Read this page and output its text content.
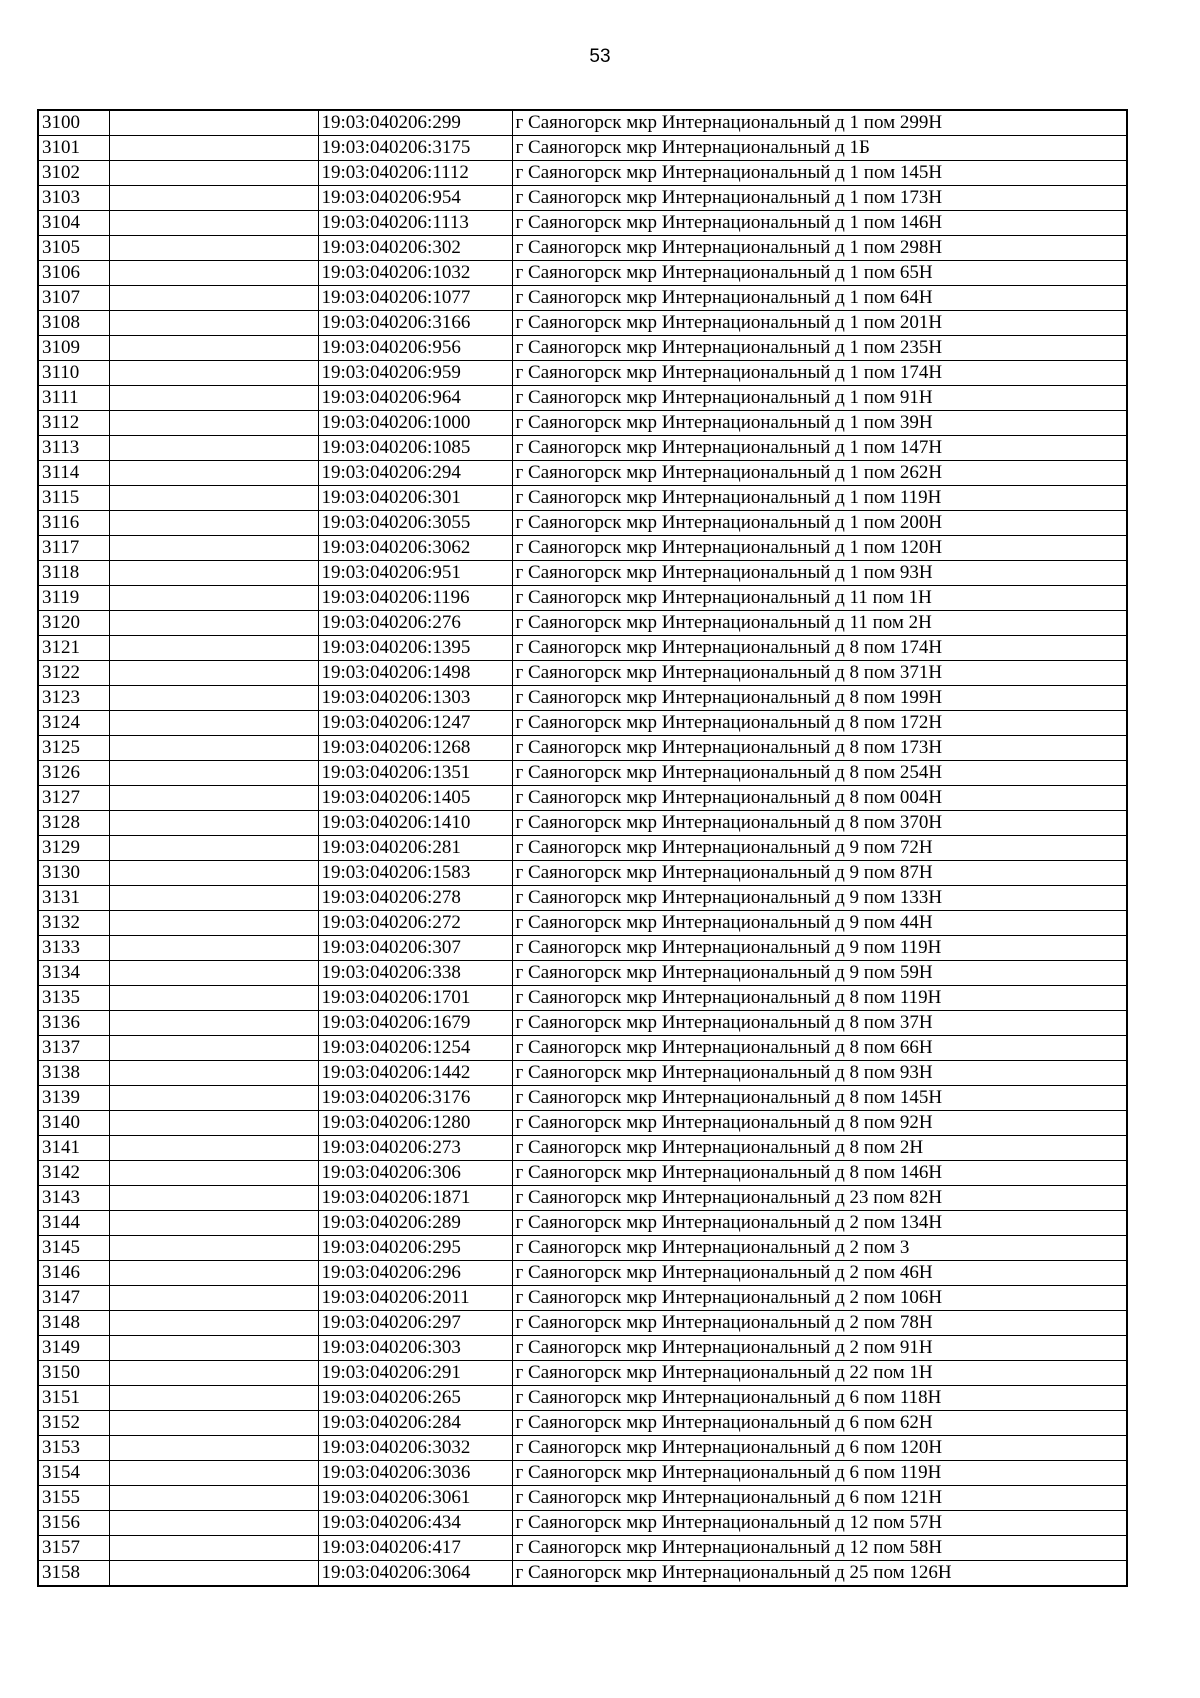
53
3100		19:03:040206:299	г Саяногорск мкр Интернациональный д 1 пом 299Н
3101		19:03:040206:3175	г Саяногорск мкр Интернациональный д 1Б
3102		19:03:040206:1112	г Саяногорск мкр Интернациональный д 1 пом 145Н
3103		19:03:040206:954	г Саяногорск мкр Интернациональный д 1 пом 173Н
3104		19:03:040206:1113	г Саяногорск мкр Интернациональный д 1 пом 146Н
3105		19:03:040206:302	г Саяногорск мкр Интернациональный д 1 пом 298Н
3106		19:03:040206:1032	г Саяногорск мкр Интернациональный д 1 пом 65Н
3107		19:03:040206:1077	г Саяногорск мкр Интернациональный д 1 пом 64Н
3108		19:03:040206:3166	г Саяногорск мкр Интернациональный д 1 пом 201Н
3109		19:03:040206:956	г Саяногорск мкр Интернациональный д 1 пом 235Н
3110		19:03:040206:959	г Саяногорск мкр Интернациональный д 1 пом 174Н
3111		19:03:040206:964	г Саяногорск мкр Интернациональный д 1 пом 91Н
3112		19:03:040206:1000	г Саяногорск мкр Интернациональный д 1 пом 39Н
3113		19:03:040206:1085	г Саяногорск мкр Интернациональный д 1 пом 147Н
3114		19:03:040206:294	г Саяногорск мкр Интернациональный д 1 пом 262Н
3115		19:03:040206:301	г Саяногорск мкр Интернациональный д 1 пом 119Н
3116		19:03:040206:3055	г Саяногорск мкр Интернациональный д 1 пом 200Н
3117		19:03:040206:3062	г Саяногорск мкр Интернациональный д 1 пом 120Н
3118		19:03:040206:951	г Саяногорск мкр Интернациональный д 1 пом 93Н
3119		19:03:040206:1196	г Саяногорск мкр Интернациональный д 11 пом 1Н
3120		19:03:040206:276	г Саяногорск мкр Интернациональный д 11 пом 2Н
3121		19:03:040206:1395	г Саяногорск мкр Интернациональный д 8 пом 174Н
3122		19:03:040206:1498	г Саяногорск мкр Интернациональный д 8 пом 371Н
3123		19:03:040206:1303	г Саяногорск мкр Интернациональный д 8 пом 199Н
3124		19:03:040206:1247	г Саяногорск мкр Интернациональный д 8 пом 172Н
3125		19:03:040206:1268	г Саяногорск мкр Интернациональный д 8 пом 173Н
3126		19:03:040206:1351	г Саяногорск мкр Интернациональный д 8 пом 254Н
3127		19:03:040206:1405	г Саяногорск мкр Интернациональный д 8 пом 004Н
3128		19:03:040206:1410	г Саяногорск мкр Интернациональный д 8 пом 370Н
3129		19:03:040206:281	г Саяногорск мкр Интернациональный д 9 пом 72Н
3130		19:03:040206:1583	г Саяногорск мкр Интернациональный д 9 пом 87Н
3131		19:03:040206:278	г Саяногорск мкр Интернациональный д 9 пом 133Н
3132		19:03:040206:272	г Саяногорск мкр Интернациональный д 9 пом 44Н
3133		19:03:040206:307	г Саяногорск мкр Интернациональный д 9 пом 119Н
3134		19:03:040206:338	г Саяногорск мкр Интернациональный д 9 пом 59Н
3135		19:03:040206:1701	г Саяногорск мкр Интернациональный д 8 пом 119Н
3136		19:03:040206:1679	г Саяногорск мкр Интернациональный д 8 пом 37Н
3137		19:03:040206:1254	г Саяногорск мкр Интернациональный д 8 пом 66Н
3138		19:03:040206:1442	г Саяногорск мкр Интернациональный д 8 пом 93Н
3139		19:03:040206:3176	г Саяногорск мкр Интернациональный д 8 пом 145Н
3140		19:03:040206:1280	г Саяногорск мкр Интернациональный д 8 пом 92Н
3141		19:03:040206:273	г Саяногорск мкр Интернациональный д 8 пом 2Н
3142		19:03:040206:306	г Саяногорск мкр Интернациональный д 8 пом 146Н
3143		19:03:040206:1871	г Саяногорск мкр Интернациональный д 23 пом 82Н
3144		19:03:040206:289	г Саяногорск мкр Интернациональный д 2 пом 134Н
3145		19:03:040206:295	г Саяногорск мкр Интернациональный д 2 пом 3
3146		19:03:040206:296	г Саяногорск мкр Интернациональный д 2 пом 46Н
3147		19:03:040206:2011	г Саяногорск мкр Интернациональный д 2 пом 106Н
3148		19:03:040206:297	г Саяногорск мкр Интернациональный д 2 пом 78Н
3149		19:03:040206:303	г Саяногорск мкр Интернациональный д 2 пом 91Н
3150		19:03:040206:291	г Саяногорск мкр Интернациональный д 22 пом 1Н
3151		19:03:040206:265	г Саяногорск мкр Интернациональный д 6 пом 118Н
3152		19:03:040206:284	г Саяногорск мкр Интернациональный д 6 пом 62Н
3153		19:03:040206:3032	г Саяногорск мкр Интернациональный д 6 пом 120Н
3154		19:03:040206:3036	г Саяногорск мкр Интернациональный д 6 пом 119Н
3155		19:03:040206:3061	г Саяногорск мкр Интернациональный д 6 пом 121Н
3156		19:03:040206:434	г Саяногорск мкр Интернациональный д 12 пом 57Н
3157		19:03:040206:417	г Саяногорск мкр Интернациональный д 12 пом 58Н
3158		19:03:040206:3064	г Саяногорск мкр Интернациональный д 25 пом 126Н
